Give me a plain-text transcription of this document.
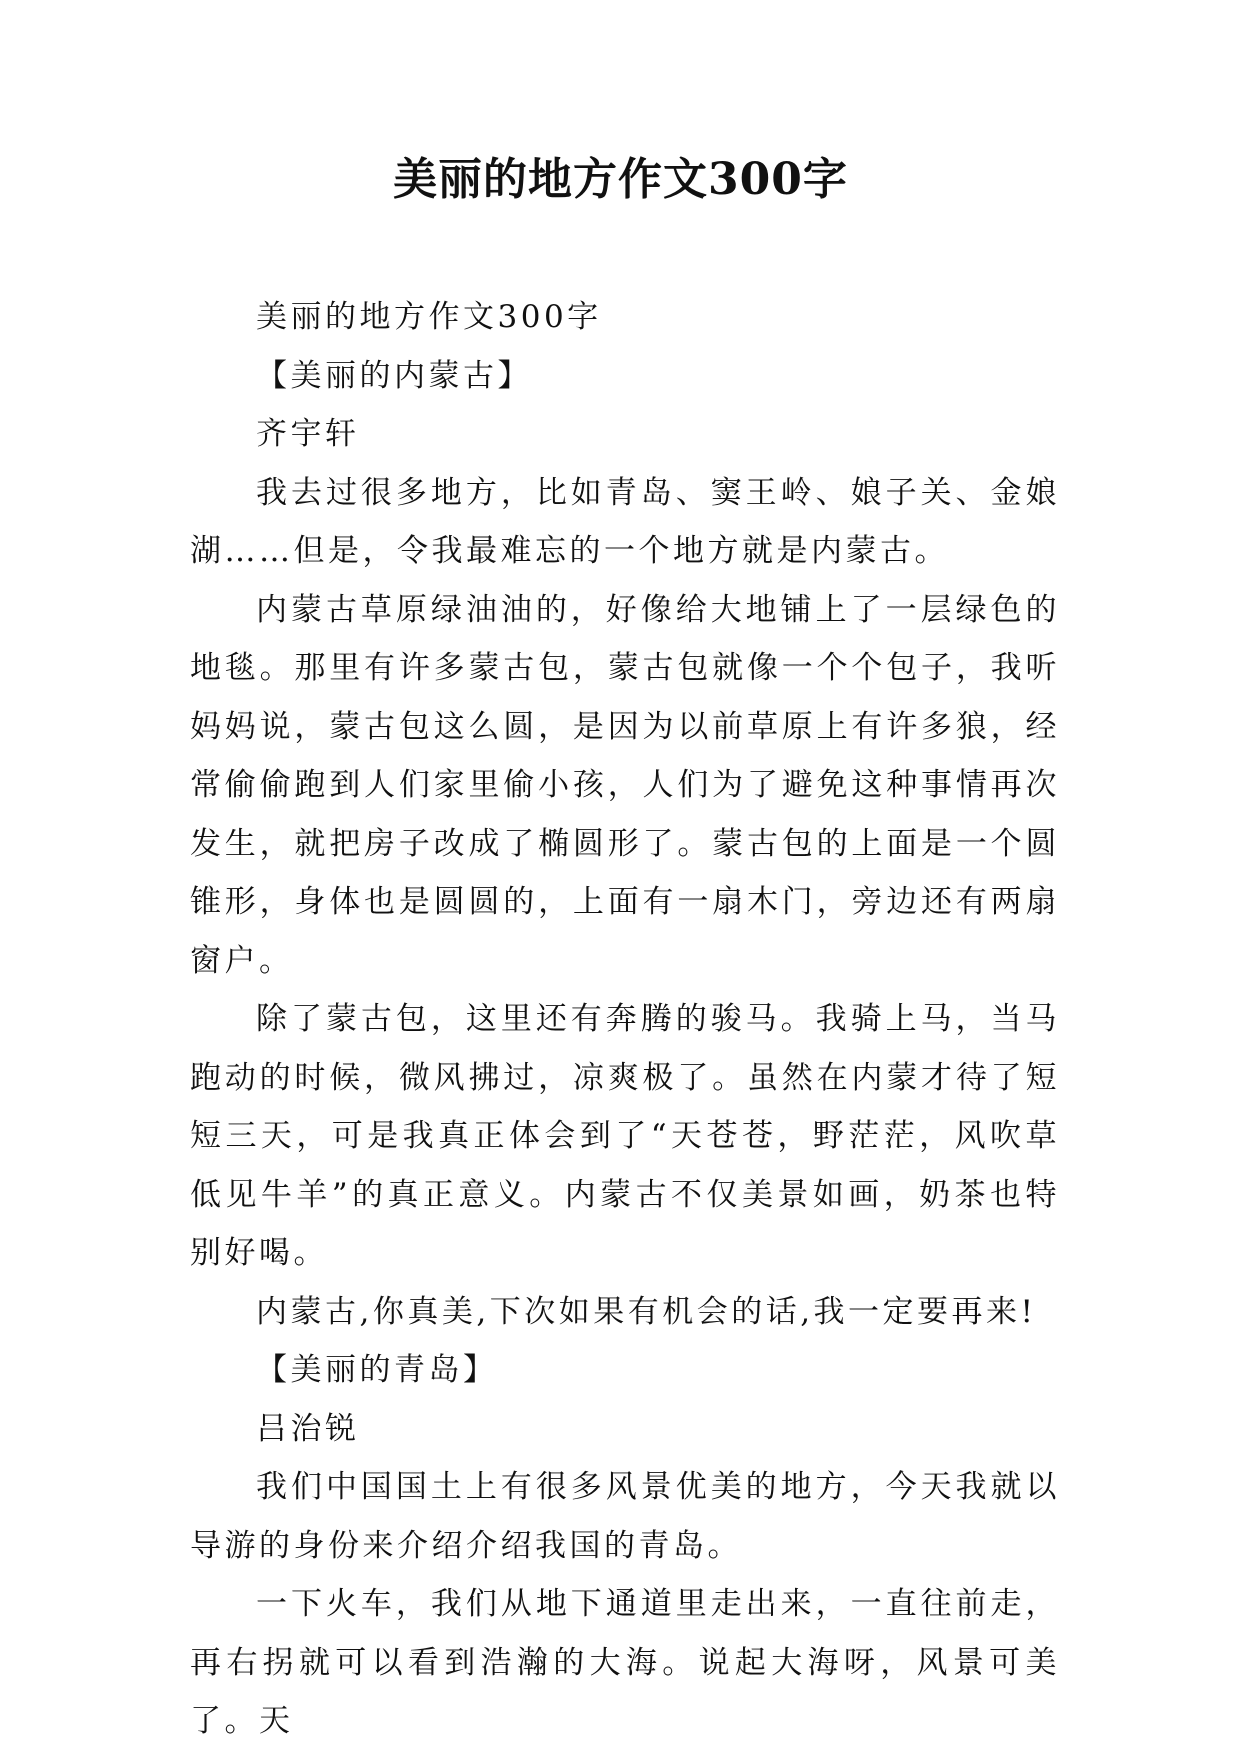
美丽的地方作文300字

美丽的地方作文300字

【美丽的内蒙古】

齐宇轩

我去过很多地方，比如青岛、窦王岭、娘子关、金娘湖……但是，令我最难忘的一个地方就是内蒙古。

内蒙古草原绿油油的，好像给大地铺上了一层绿色的地毯。那里有许多蒙古包，蒙古包就像一个个包子，我听妈妈说，蒙古包这么圆，是因为以前草原上有许多狼，经常偷偷跑到人们家里偷小孩，人们为了避免这种事情再次发生，就把房子改成了椭圆形了。蒙古包的上面是一个圆锥形，身体也是圆圆的，上面有一扇木门，旁边还有两扇窗户。

除了蒙古包，这里还有奔腾的骏马。我骑上马，当马跑动的时候，微风拂过，凉爽极了。虽然在内蒙才待了短短三天，可是我真正体会到了“天苍苍，野茫茫，风吹草低见牛羊”的真正意义。内蒙古不仅美景如画，奶茶也特别好喝。

内蒙古,你真美,下次如果有机会的话,我一定要再来!

【美丽的青岛】

吕治锐

我们中国国土上有很多风景优美的地方，今天我就以导游的身份来介绍介绍我国的青岛。

一下火车，我们从地下通道里走出来，一直往前走，再右拐就可以看到浩瀚的大海。说起大海呀，风景可美了。天
